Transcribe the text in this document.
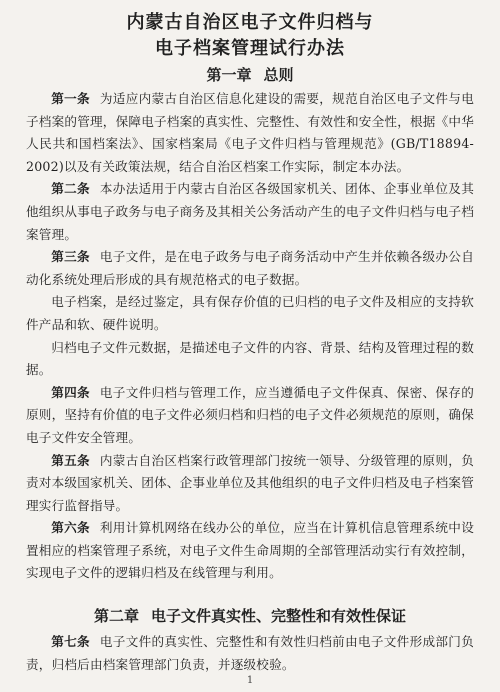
内蒙古自治区电子文件归档与
电子档案管理试行办法
第一章 总则

第一条 为适应内蒙古自治区信息化建设的需要，规范自治区电子文件与电子档案的管理，保障电子档案的真实性、完整性、有效性和安全性，根据《中华人民共和国档案法》、国家档案局《电子文件归档与管理规范》(GB/T18894-2002)以及有关政策法规，结合自治区档案工作实际，制定本办法。

第二条 本办法适用于内蒙古自治区各级国家机关、团体、企事业单位及其他组织从事电子政务与电子商务及其相关公务活动产生的电子文件归档与电子档案管理。

第三条 电子文件，是在电子政务与电子商务活动中产生并依赖各级办公自动化系统处理后形成的具有规范格式的电子数据。

电子档案，是经过鉴定，具有保存价值的已归档的电子文件及相应的支持软件产品和软、硬件说明。

归档电子文件元数据，是描述电子文件的内容、背景、结构及管理过程的数据。

第四条 电子文件归档与管理工作，应当遵循电子文件保真、保密、保存的原则，坚持有价值的电子文件必须归档和归档的电子文件必须规范的原则，确保电子文件安全管理。

第五条 内蒙古自治区档案行政管理部门按统一领导、分级管理的原则，负责对本级国家机关、团体、企事业单位及其他组织的电子文件归档及电子档案管理实行监督指导。

第六条 利用计算机网络在线办公的单位，应当在计算机信息管理系统中设置相应的档案管理子系统，对电子文件生命周期的全部管理活动实行有效控制，实现电子文件的逻辑归档及在线管理与利用。

第二章 电子文件真实性、完整性和有效性保证

第七条 电子文件的真实性、完整性和有效性归档前由电子文件形成部门负责，归档后由档案管理部门负责，并逐级校验。

1
